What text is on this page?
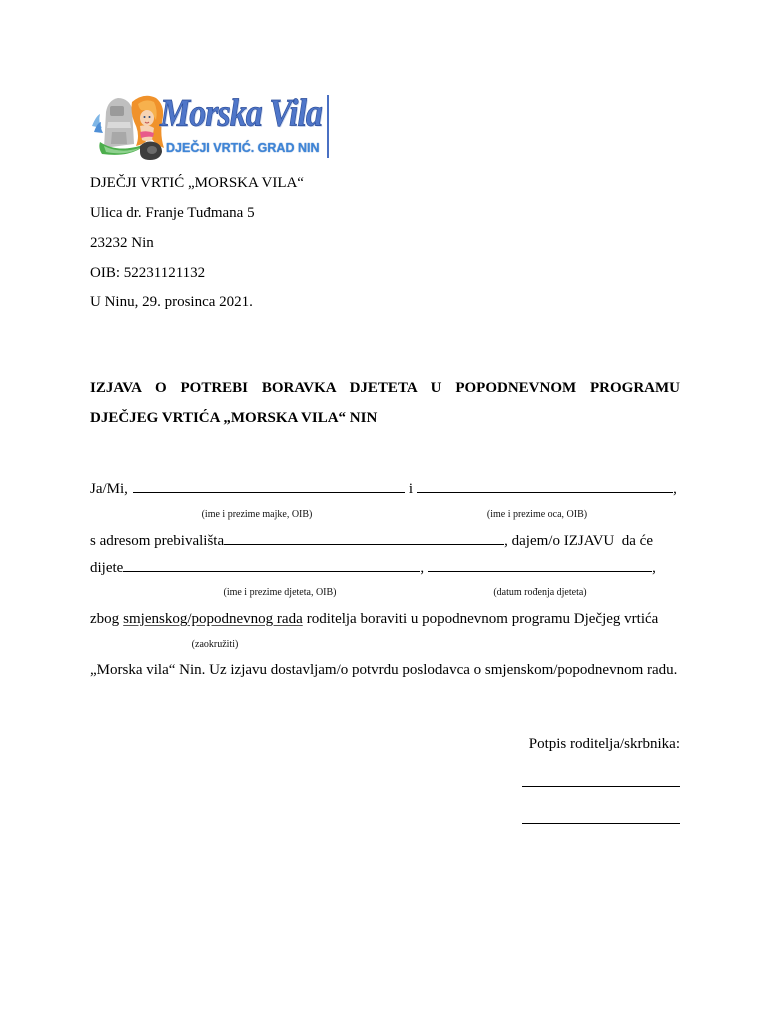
Morska Vila
DJEČJI VRTIĆ. GRAD NIN
DJEČJI VRTIĆ „MORSKA VILA“
Ulica dr. Franje Tuđmana 5
23232 Nin
OIB: 52231121132
U Ninu, 29. prosinca 2021.
IZJAVA O POTREBI BORAVKA DJETETA U POPODNEVNOM PROGRAMU DJEČJEG VRTIĆA „MORSKA VILA“ NIN
Ja/Mi,	i	,
(ime i prezime majke, OIB)	(ime i prezime oca, OIB)
s adresom prebivališta	, dajem/o IZJAVU  da će
dijete	,	,
(ime i prezime djeteta, OIB)	(datum rođenja djeteta)
zbog smjenskog/popodnevnog rada roditelja boraviti u popodnevnom programu Dječjeg vrtića
(zaokružiti)
„Morska vila“ Nin. Uz izjavu dostavljam/o potvrdu poslodavca o smjenskom/popodnevnom radu.
Potpis roditelja/skrbnika:
